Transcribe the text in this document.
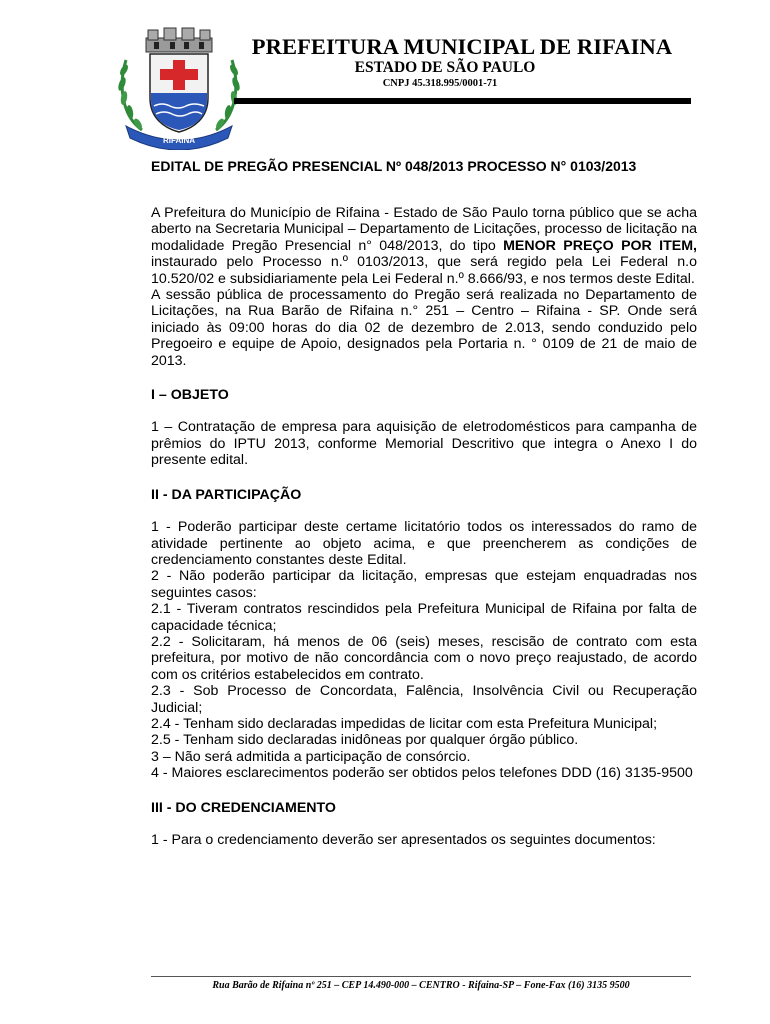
RIFAINA
PREFEITURA MUNICIPAL DE RIFAINA
ESTADO DE SÃO PAULO
CNPJ 45.318.995/0001-71
EDITAL DE PREGÃO PRESENCIAL Nº 048/2013 PROCESSO N° 0103/2013

A Prefeitura do Município de Rifaina - Estado de São Paulo torna público que se acha aberto na Secretaria Municipal – Departamento de Licitações, processo de licitação na modalidade Pregão Presencial n° 048/2013, do tipo MENOR PREÇO POR ITEM, instaurado pelo Processo n.º 0103/2013, que será regido pela Lei Federal n.o 10.520/02 e subsidiariamente pela Lei Federal n.º 8.666/93, e nos termos deste Edital.

A sessão pública de processamento do Pregão será realizada no Departamento de Licitações, na Rua Barão de Rifaina n.° 251 – Centro – Rifaina - SP. Onde será iniciado às 09:00 horas do dia 02 de dezembro de 2.013, sendo conduzido pelo Pregoeiro e equipe de Apoio, designados pela Portaria n. ° 0109 de 21 de maio de 2013.

I – OBJETO

1 – Contratação de empresa para aquisição de eletrodomésticos para campanha de prêmios do IPTU 2013, conforme Memorial Descritivo que integra o Anexo I do presente edital.

II - DA PARTICIPAÇÃO

1 - Poderão participar deste certame licitatório todos os interessados do ramo de atividade pertinente ao objeto acima, e que preencherem as condições de credenciamento constantes deste Edital.

2 - Não poderão participar da licitação, empresas que estejam enquadradas nos seguintes casos:

2.1 - Tiveram contratos rescindidos pela Prefeitura Municipal de Rifaina por falta de capacidade técnica;

2.2 - Solicitaram, há menos de 06 (seis) meses, rescisão de contrato com esta prefeitura, por motivo de não concordância com o novo preço reajustado, de acordo com os critérios estabelecidos em contrato.

2.3 - Sob Processo de Concordata, Falência, Insolvência Civil ou Recuperação Judicial;

2.4 - Tenham sido declaradas impedidas de licitar com esta Prefeitura Municipal;

2.5 - Tenham sido declaradas inidôneas por qualquer órgão público.

3 – Não será admitida a participação de consórcio.

4 - Maiores esclarecimentos poderão ser obtidos pelos telefones DDD (16) 3135-9500

III - DO CREDENCIAMENTO

1 - Para o credenciamento deverão ser apresentados os seguintes documentos:

Rua Barão de Rifaina nº 251 – CEP 14.490-000 – CENTRO - Rifaina-SP – Fone-Fax (16) 3135 9500
